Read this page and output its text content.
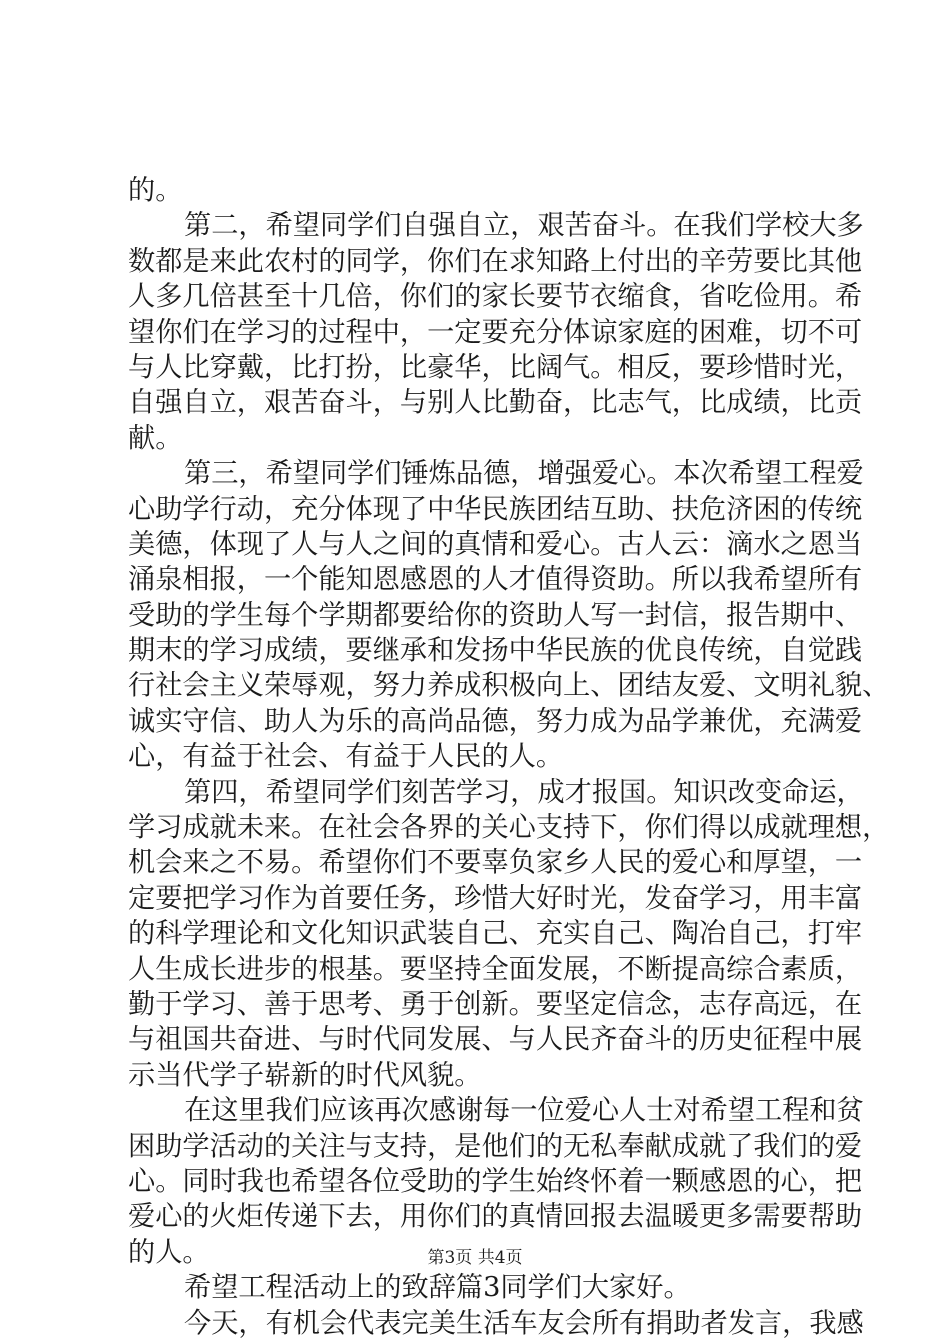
的。
第二，希望同学们自强自立，艰苦奋斗。在我们学校大多
数都是来此农村的同学，你们在求知路上付出的辛劳要比其他
人多几倍甚至十几倍，你们的家长要节衣缩食，省吃俭用。希
望你们在学习的过程中，一定要充分体谅家庭的困难，切不可
与人比穿戴，比打扮，比豪华，比阔气。相反，要珍惜时光，
自强自立，艰苦奋斗，与别人比勤奋，比志气，比成绩，比贡
献。
第三，希望同学们锤炼品德，增强爱心。本次希望工程爱
心助学行动，充分体现了中华民族团结互助、扶危济困的传统
美德，体现了人与人之间的真情和爱心。古人云：滴水之恩当
涌泉相报，一个能知恩感恩的人才值得资助。所以我希望所有
受助的学生每个学期都要给你的资助人写一封信，报告期中、
期末的学习成绩，要继承和发扬中华民族的优良传统，自觉践
行社会主义荣辱观，努力养成积极向上、团结友爱、文明礼貌、
诚实守信、助人为乐的高尚品德，努力成为品学兼优，充满爱
心，有益于社会、有益于人民的人。
第四，希望同学们刻苦学习，成才报国。知识改变命运，
学习成就未来。在社会各界的关心支持下，你们得以成就理想，
机会来之不易。希望你们不要辜负家乡人民的爱心和厚望，一
定要把学习作为首要任务，珍惜大好时光，发奋学习，用丰富
的科学理论和文化知识武装自己、充实自己、陶冶自己，打牢
人生成长进步的根基。要坚持全面发展，不断提高综合素质，
勤于学习、善于思考、勇于创新。要坚定信念，志存高远，在
与祖国共奋进、与时代同发展、与人民齐奋斗的历史征程中展
示当代学子崭新的时代风貌。
在这里我们应该再次感谢每一位爱心人士对希望工程和贫
困助学活动的关注与支持，是他们的无私奉献成就了我们的爱
心。同时我也希望各位受助的学生始终怀着一颗感恩的心，把
爱心的火炬传递下去，用你们的真情回报去温暖更多需要帮助
的人。
希望工程活动上的致辞篇3同学们大家好。
今天，有机会代表完美生活车友会所有捐助者发言，我感
第3页 共4页
